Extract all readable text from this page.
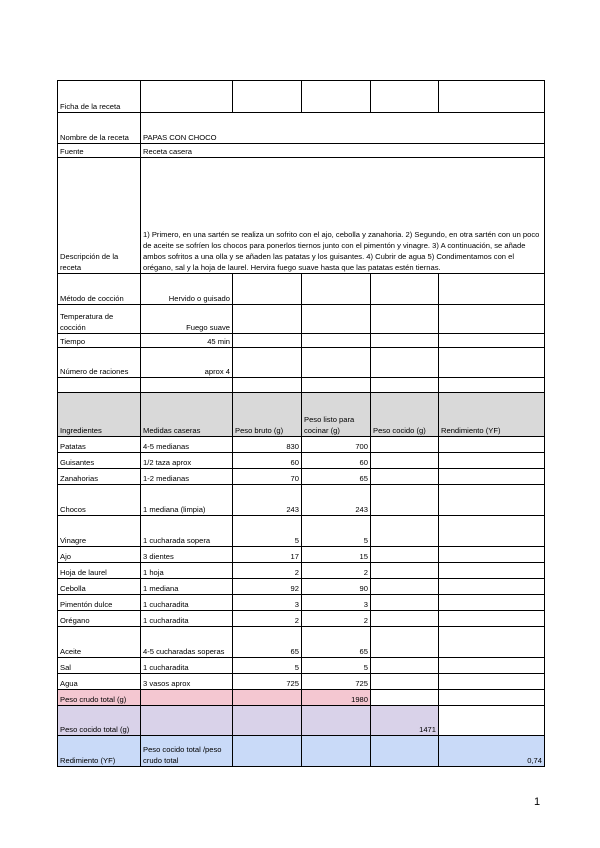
Ficha de la receta					
Nombre de la receta	PAPAS CON CHOCO				
Fuente	Receta casera				
Descripción de la receta	1) Primero, en una sartén se realiza un sofrito con el ajo, cebolla y zanahoria. 2) Segundo, en otra sartén con un poco de aceite se sofríen los chocos para ponerlos tiernos junto con el pimentón y vinagre. 3) A continuación, se añade ambos sofritos a una olla y se añaden las patatas y los guisantes. 4) Cubrir de agua 5) Condimentamos con el orégano, sal y la hoja de laurel. Hervira fuego suave hasta que las patatas estén tiernas.				
Método de cocción	Hervido o guisado				
Temperatura de cocción	Fuego suave				
Tiempo	45 min				
Número de raciones	aprox 4				

Ingredientes	Medidas caseras	Peso bruto (g)	Peso listo para cocinar (g)	Peso cocido (g)	Rendimiento (YF)
Patatas	4-5 medianas	830	700		
Guisantes	1/2 taza aprox	60	60		
Zanahorias	1-2 medianas	70	65		
Chocos	1 mediana (limpia)	243	243		
Vinagre	1 cucharada sopera	5	5		
Ajo	3 dientes	17	15		
Hoja de laurel	1 hoja	2	2		
Cebolla	1 mediana	92	90		
Pimentón dulce	1 cucharadita	3	3		
Orégano	1 cucharadita	2	2		
Aceite	4-5 cucharadas soperas	65	65		
Sal	1 cucharadita	5	5		
Agua	3 vasos aprox	725	725		
Peso crudo total (g)			1980		
Peso cocido total (g)				1471	
Redimiento (YF)	Peso cocido total /peso crudo total				0,74
1
